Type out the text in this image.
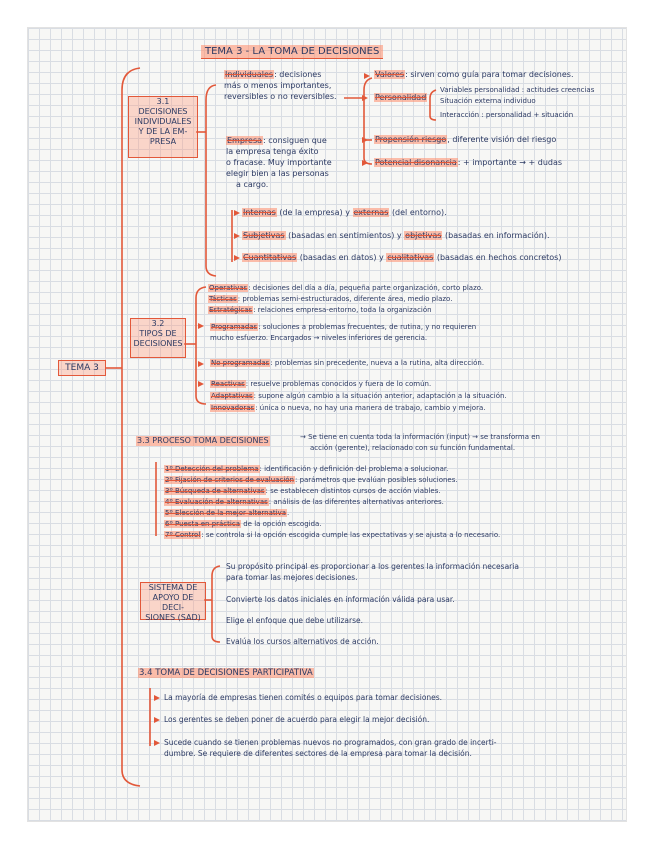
TEMA 3 - LA TOMA DE DECISIONES
TEMA 3
3.1
DECISIONES
INDIVIDUALES
Y DE LA EM-
PRESA
Individuales: decisiones
más o menos importantes,
reversibles o no reversibles.
Valores: sirven como guía para tomar decisiones.
Personalidad
Variables personalidad : actitudes creencias
Situación externa individuo
Interacción : personalidad + situación
Empresa: consiguen que
la empresa tenga éxito
o fracase. Muy importante
elegir bien a las personas
a cargo.
Propensión riesgo, diferente visión del riesgo
Potencial disonancia: + importante → + dudas
Internas (de la empresa) y externas (del entorno).
Subjetivas (basadas en sentimientos) y objetivas (basadas en información).
Cuantitativas (basadas en datos) y cualitativas (basadas en hechos concretos)
3.2
TIPOS DE
DECISIONES
Operativas: decisiones del día a día, pequeña parte organización, corto plazo.
Tácticas: problemas semi-estructurados, diferente área, medio plazo.
Estratégicas: relaciones empresa-entorno, toda la organización
Programadas: soluciones a problemas frecuentes, de rutina, y no requieren
mucho esfuerzo. Encargados → niveles inferiores de gerencia.
No programadas: problemas sin precedente, nueva a la rutina, alta dirección.
Reactivas: resuelve problemas conocidos y fuera de lo común.
Adaptativas: supone algún cambio a la situación anterior, adaptación a la situación.
Innovadoras: única o nueva, no hay una manera de trabajo, cambio y mejora.
3.3 PROCESO TOMA DECISIONES	→ Se tiene en cuenta toda la información (input) → se transforma en
acción (gerente), relacionado con su función fundamental.
1º Detección del problema: identificación y definición del problema a solucionar.
2º Fijación de criterios de evaluación: parámetros que evalúan posibles soluciones.
3º Búsqueda de alternativas: se establecen distintos cursos de acción viables.
4º Evaluación de alternativas: análisis de las diferentes alternativas anteriores.
5º Elección de la mejor alternativa.
6º Puesta en práctica de la opción escogida.
7º Control: se controla si la opción escogida cumple las expectativas y se ajusta a lo necesario.
SISTEMA DE
APOYO DE DECI-
SIONES (SAD)
Su propósito principal es proporcionar a los gerentes la información necesaria
para tomar las mejores decisiones.
Convierte los datos iniciales en información válida para usar.
Elige el enfoque que debe utilizarse.
Evalúa los cursos alternativos de acción.
3.4 TOMA DE DECISIONES PARTICIPATIVA
La mayoría de empresas tienen comités o equipos para tomar decisiones.
Los gerentes se deben poner de acuerdo para elegir la mejor decisión.
Sucede cuando se tienen problemas nuevos no programados, con gran grado de incerti-
dumbre. Se requiere de diferentes sectores de la empresa para tomar la decisión.
